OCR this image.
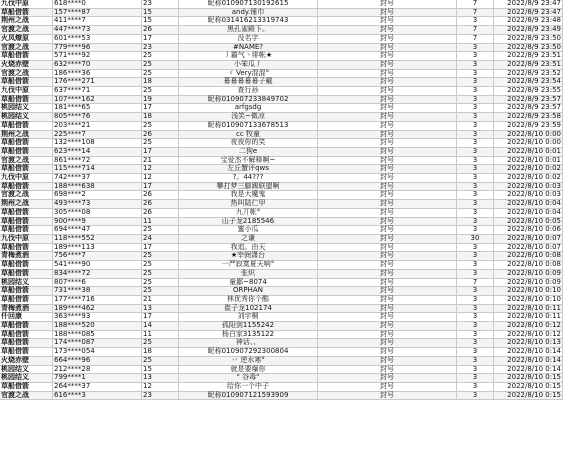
九伐中原	618****0	23	昵称010907130192615	封号	7	2022/8/9 23:47
草船借箭	157****87	15	andy.锤巾	封号	7	2022/8/9 23:47
荆州之战	411****7	15	昵称031416213319743	封号	3	2022/8/9 23:48
官渡之战	447****73	26	黑孔雀殿下。	封号	7	2022/8/9 23:49
火凤燎原	601****53	17	没名字	封号	7	2022/8/9 23:50
官渡之战	779****96	23	#NAME?	封号	3	2022/8/9 23:50
草船借箭	571****92	25	丿霸气丶绯帐★	封号	3	2022/8/9 23:51
火烧赤壁	632****70	25	小笨瓜丿	封号	3	2022/8/9 23:51
官渡之战	186****36	25	ヾ Very混混°	封号	3	2022/8/9 23:52
草船借箭	176****271	18	幕幕幕幕幕子戴	封号	3	2022/8/9 23:54
九伐中原	637****71	25	查行孙	封号	3	2022/8/9 23:55
草船借箭	107****162	19	昵称010907233849702	封号	3	2022/8/9 23:57
桃园结义	181****65	17	arfgsdg	封号	3	2022/8/9 23:57
桃园结义	805****76	18	浅笑~微凉	封号	3	2022/8/9 23:58
草船借箭	203****21	25	昵称010907133678513	封号	3	2022/8/9 23:59
荆州之战	225****7	26	cc 牧童	封号	3	2022/8/10 0:00
草船借箭	132****108	25	夜夜你的笑	封号	3	2022/8/10 0:00
草船借箭	623****14	17	二狗e	封号	3	2022/8/10 0:01
官渡之战	861****72	21	宝爱杰不解释啊~	封号	3	2022/8/10 0:01
草船借箭	115****714	12	左丘蟹评qws	封号	3	2022/8/10 0:02
九伐中原	742****37	12	?。44???	封号	3	2022/8/10 0:02
草船借箭	188****638	17	攀打梦三脚踢联盟啊	封号	3	2022/8/10 0:03
官渡之战	698****2	26	我是大魔鬼	封号	3	2022/8/10 0:03
荆州之战	493****73	26	热叫陆仁甲	封号	3	2022/8/10 0:04
草船借箭	305****08	26	九丌帐°	封号	3	2022/8/10 0:04
草船借箭	900****9	11	山子龙2185546	封号	3	2022/8/10 0:05
草船借箭	694****47	25	蜜小瓜	封号	3	2022/8/10 0:06
九伐中原	118****552	24	之谦	封号	30	2022/8/10 0:07
草船借箭	189****113	17	我追。由天	封号	3	2022/8/10 0:07
青梅煮酒	756****7	25	★宰弼潇台	封号	3	2022/8/10 0:08
草船借箭	541****90	25	一严寂寞夏天响°	封号	3	2022/8/10 0:08
草船借箭	834****72	25	张炽	封号	3	2022/8/10 0:09
桃园结义	807****6	25	童鄙~8074	封号	7	2022/8/10 0:09
草船借箭	731****38	25	ORPHAN	封号	3	2022/8/10 0:10
草船借箭	177****716	21	林优秀你个酷	封号	3	2022/8/10 0:10
青梅煮酒	189****462	13	崔子龙102174	封号	3	2022/8/10 0:11
仟回康	363****93	17	刘宇桐	封号	3	2022/8/10 0:11
草船借箭	188****520	14	孤阳剑1155242	封号	3	2022/8/10 0:12
草船借箭	188****085	11	杨白家3135122	封号	3	2022/8/10 0:12
草船借箭	174****087	25	神话、、	封号	3	2022/8/10 0:13
草船借箭	173****054	18	昵称010907292300804	封号	3	2022/8/10 0:14
火烧赤壁	664****96	25	丷 逆水寒°	封号	3	2022/8/10 0:14
桃园结义	212****28	15	就是要爆你	封号	3	2022/8/10 0:14
桃园结义	799****1	13	" 谷毒"	封号	3	2022/8/10 0:15
草船借箭	264****37	12	给你一个中子	封号	3	2022/8/10 0:15
官渡之战	616****3	23	昵称010907121593909	封号	3	2022/8/10 0:15
